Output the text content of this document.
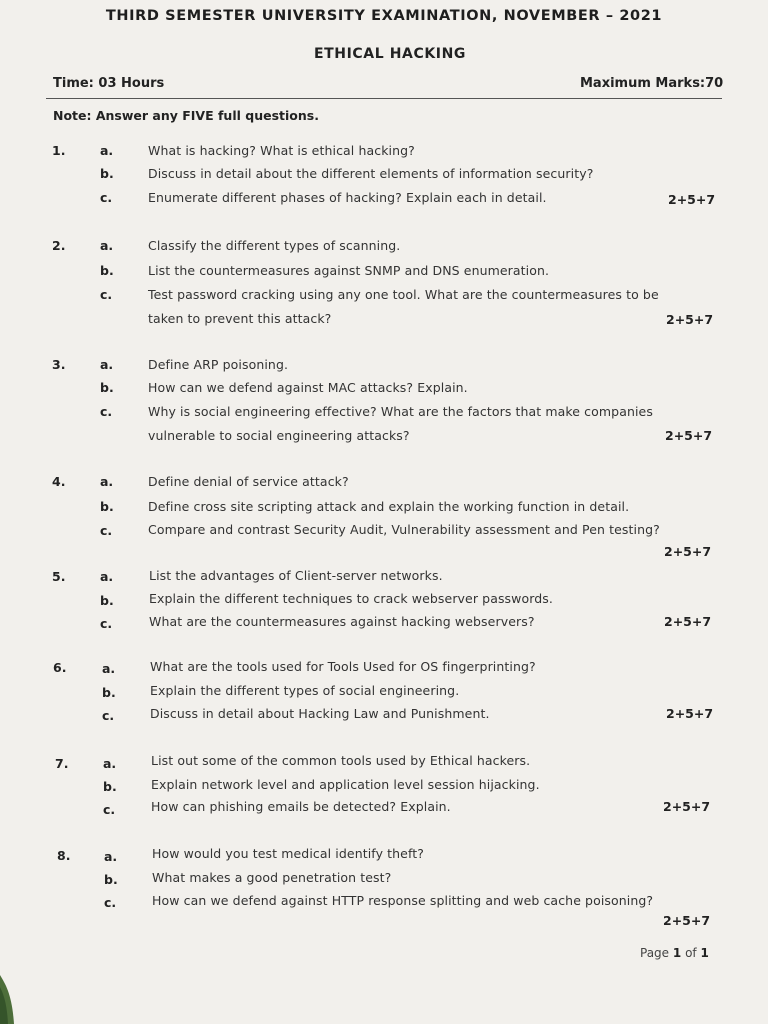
THIRD SEMESTER UNIVERSITY EXAMINATION, NOVEMBER – 2021
ETHICAL HACKING
Time: 03 Hours	Maximum Marks:70
Note: Answer any FIVE full questions.
1.	a.	What is hacking? What is ethical hacking?
b.	Discuss in detail about the different elements of information security?
c.	Enumerate different phases of hacking? Explain each in detail.	2+5+7
2.	a.	Classify the different types of scanning.
b.	List the countermeasures against SNMP and DNS enumeration.
c.	Test password cracking using any one tool. What are the countermeasures to be
taken to prevent this attack?	2+5+7
3.	a.	Define ARP poisoning.
b.	How can we defend against MAC attacks? Explain.
c.	Why is social engineering effective? What are the factors that make companies
vulnerable to social engineering attacks?	2+5+7
4.	a.	Define denial of service attack?
b.	Define cross site scripting attack and explain the working function in detail.
c.	Compare and contrast Security Audit, Vulnerability assessment and Pen testing?
2+5+7
5.	a.	List the advantages of Client-server networks.
b.	Explain the different techniques to crack webserver passwords.
c.	What are the countermeasures against hacking webservers?	2+5+7
6.	a.	What are the tools used for Tools Used for OS fingerprinting?
b.	Explain the different types of social engineering.
c.	Discuss in detail about Hacking Law and Punishment.	2+5+7
7.	a.	List out some of the common tools used by Ethical hackers.
b.	Explain network level and application level session hijacking.
c.	How can phishing emails be detected? Explain.	2+5+7
8.	a.	How would you test medical identify theft?
b.	What makes a good penetration test?
c.	How can we defend against HTTP response splitting and web cache poisoning?
2+5+7
Page 1 of 1
